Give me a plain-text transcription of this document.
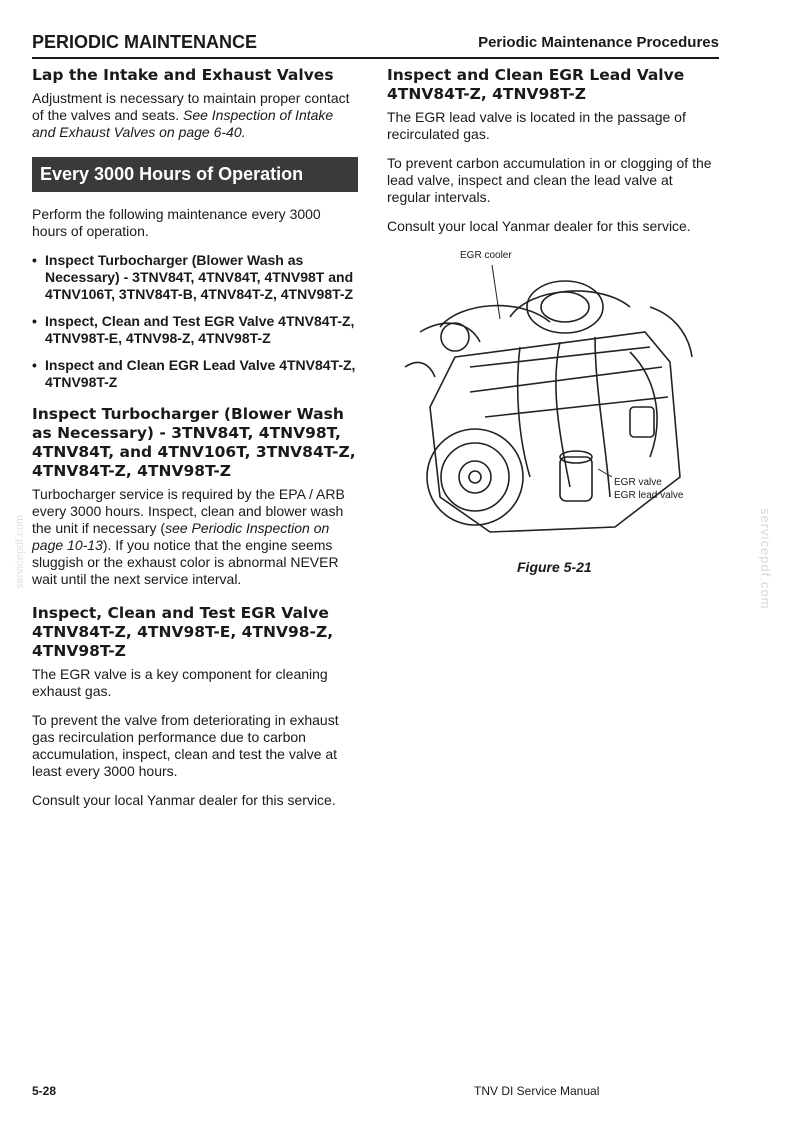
PERIODIC MAINTENANCE	Periodic Maintenance Procedures
Lap the Intake and Exhaust Valves

Adjustment is necessary to maintain proper contact of the valves and seats. See Inspection of Intake and Exhaust Valves on page 6-40.

Every 3000 Hours of Operation

Perform the following maintenance every 3000 hours of operation.

• Inspect Turbocharger (Blower Wash as Necessary) - 3TNV84T, 4TNV84T, 4TNV98T and 4TNV106T, 3TNV84T-B, 4TNV84T-Z, 4TNV98T-Z
• Inspect, Clean and Test EGR Valve 4TNV84T-Z, 4TNV98T-E, 4TNV98-Z, 4TNV98T-Z
• Inspect and Clean EGR Lead Valve 4TNV84T-Z, 4TNV98T-Z
Inspect Turbocharger (Blower Wash as Necessary) - 3TNV84T, 4TNV98T, 4TNV84T, and 4TNV106T, 3TNV84T-Z, 4TNV84T-Z, 4TNV98T-Z

Turbocharger service is required by the EPA / ARB every 3000 hours. Inspect, clean and blower wash the unit if necessary (see Periodic Inspection on page 10-13). If you notice that the engine seems sluggish or the exhaust color is abnormal NEVER wait until the next service interval.

Inspect, Clean and Test EGR Valve 4TNV84T-Z, 4TNV98T-E, 4TNV98-Z, 4TNV98T-Z

The EGR valve is a key component for cleaning exhaust gas.

To prevent the valve from deteriorating in exhaust gas recirculation performance due to carbon accumulation, inspect, clean and test the valve at least every 3000 hours.

Consult your local Yanmar dealer for this service.

Inspect and Clean EGR Lead Valve 4TNV84T-Z, 4TNV98T-Z

The EGR lead valve is located in the passage of recirculated gas.

To prevent carbon accumulation in or clogging of the lead valve, inspect and clean the lead valve at regular intervals.

Consult your local Yanmar dealer for this service.

EGR cooler
EGR valve
EGR lead valve
Figure 5-21	servicepdf.com
servicepdf.com
5-28	TNV DI Service Manual
